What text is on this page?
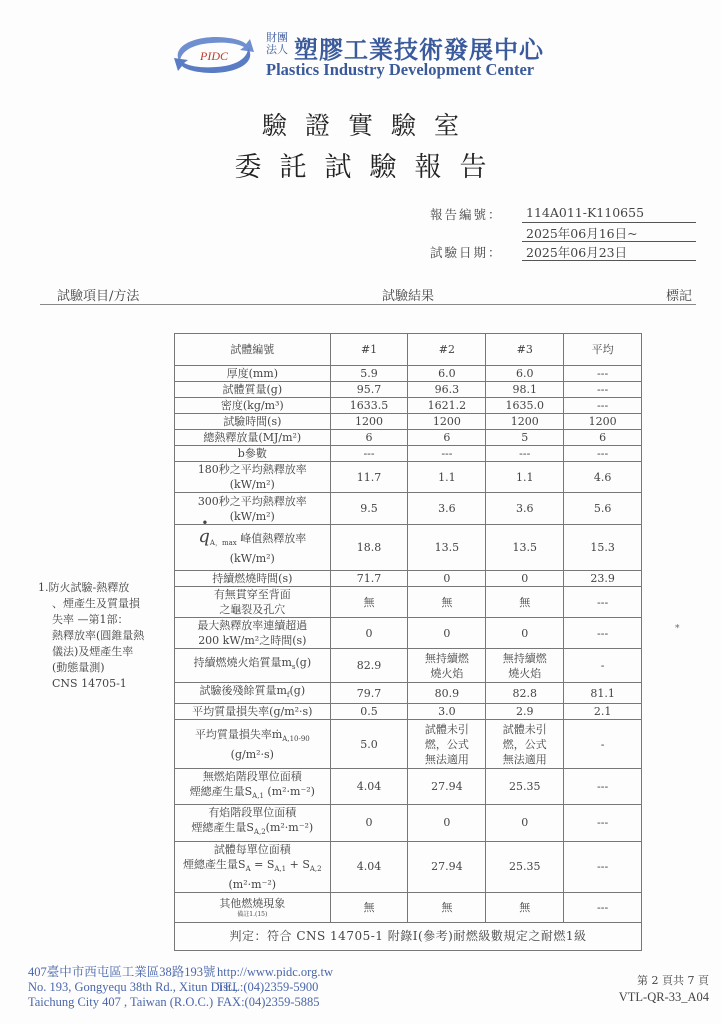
PIDC
財團
法人 塑膠工業技術發展中心
Plastics Industry Development Center
驗證實驗室
委託試驗報告
報告編號：	114A011-K110655
2025年06月16日~
試驗日期：	2025年06月23日
試驗項目/方法	試驗結果	標記
1.防火試驗-熱釋放
、煙產生及質量損
失率 —第1部：
熱釋放率(圓錐量熱
儀法)及煙產生率
(動態量測)
CNS 14705-1
*
試體編號	#1	#2	#3	平均
厚度(mm)	5.9	6.0	6.0	---
試體質量(g)	95.7	96.3	98.1	---
密度(kg/m³)	1633.5	1621.2	1635.0	---
試驗時間(s)	1200	1200	1200	1200
總熱釋放量(MJ/m²)	6	6	5	6
b參數	---	---	---	---
180秒之平均熱釋放率
(kW/m²)	11.7	1.1	1.1	4.6
300秒之平均熱釋放率
(kW/m²)	9.5	3.6	3.6	5.6
• $q_{A,max}$ 峰值熱釋放率
(kW/m²)	18.8	13.5	13.5	15.3
持續燃燒時間(s)	71.7	0	0	23.9
有無貫穿至背面
之龜裂及孔穴	無	無	無	---
最大熱釋放率連續超過
200 kW/m²之時間(s)	0	0	0	---
持續燃燒火焰質量$m_s(g)$	82.9	無持續燃燒火焰	無持續燃燒火焰	-
試驗後殘餘質量$m_f(g)$	79.7	80.9	82.8	81.1
平均質量損失率(g/m²·s)	0.5	3.0	2.9	2.1
平均質量損失率ṁ$_{A,10-90}$
(g/m²·s)	5.0	試體未引燃，公式無法適用	試體未引燃，公式無法適用	-
無燃焰階段單位面積
煙總產生量$S_{A,1}$ (m²·m⁻²)	4.04	27.94	25.35	---
有焰階段單位面積
煙總產生量$S_{A,2}(m^2\cdot m^{-2})$	0	0	0	---
試體每單位面積
煙總產生量$S_A = S_{A,1} + S_{A,2}$
(m²·m⁻²)	4.04	27.94	25.35	---
其他燃燒現象
備註1.(15)	無	無	無	---
判定：符合 CNS 14705-1 附錄I(參考)耐燃級數規定之耐燃1級				
407臺中市西屯區工業區38路193號
No. 193, Gongyequ 38th Rd., Xitun Dist.,
Taichung City 407 , Taiwan (R.O.C.)
http://www.pidc.org.tw
TEL:(04)2359-5900
FAX:(04)2359-5885
第 2 頁共 7 頁
VTL-QR-33_A04
